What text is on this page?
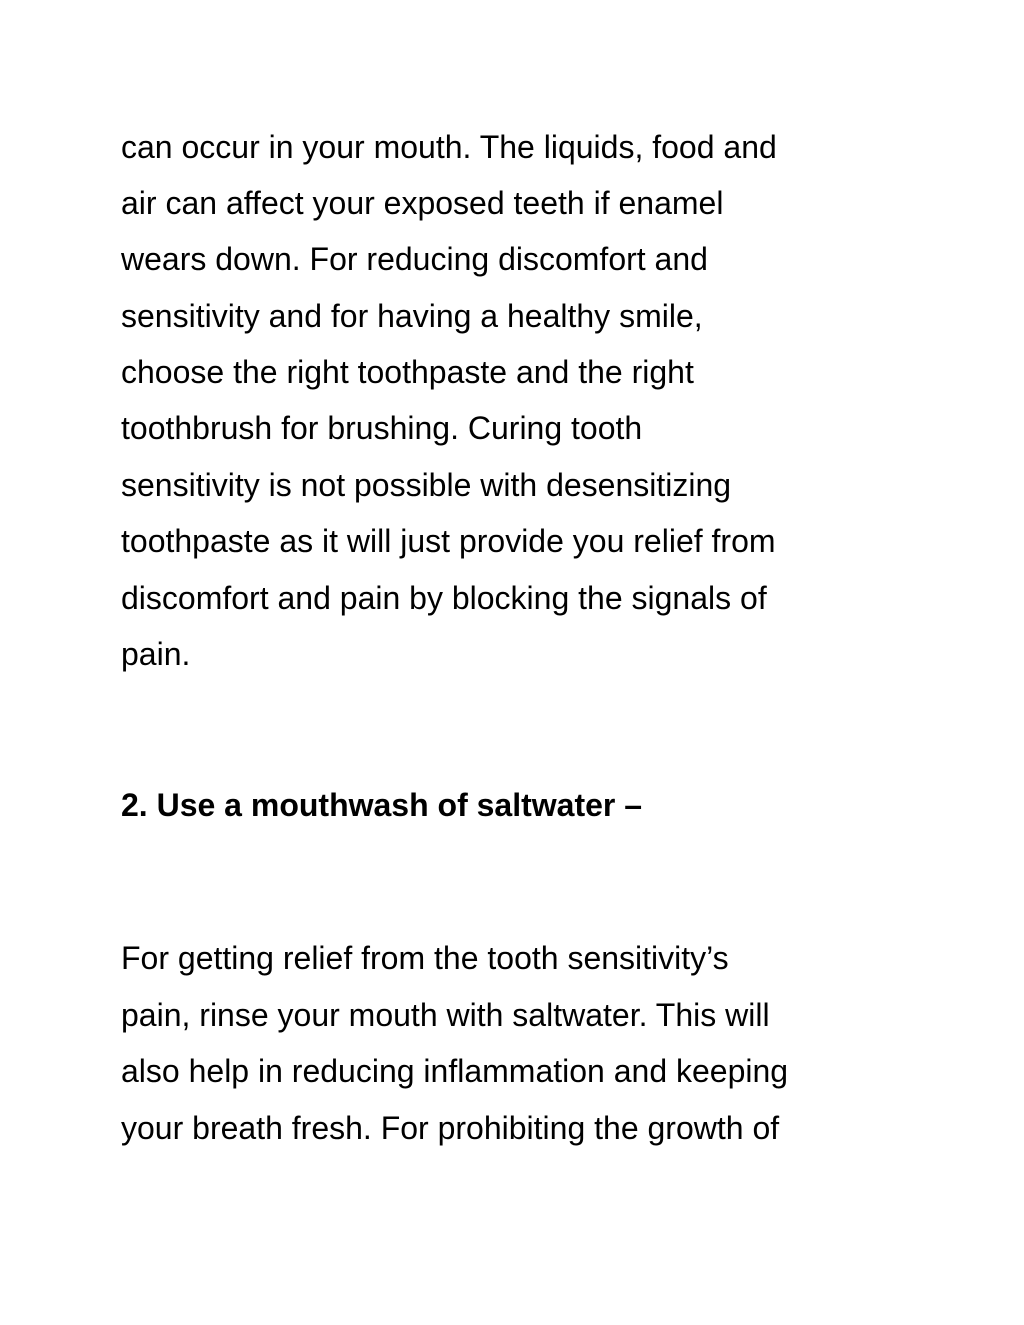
can occur in your mouth. The liquids, food and

air can affect your exposed teeth if enamel

wears down. For reducing discomfort and

sensitivity and for having a healthy smile,

choose the right toothpaste and the right

toothbrush for brushing. Curing tooth

sensitivity is not possible with desensitizing

toothpaste as it will just provide you relief from

discomfort and pain by blocking the signals of

pain.

2. Use a mouthwash of saltwater –

For getting relief from the tooth sensitivity’s

pain, rinse your mouth with saltwater. This will

also help in reducing inflammation and keeping

your breath fresh. For prohibiting the growth of
